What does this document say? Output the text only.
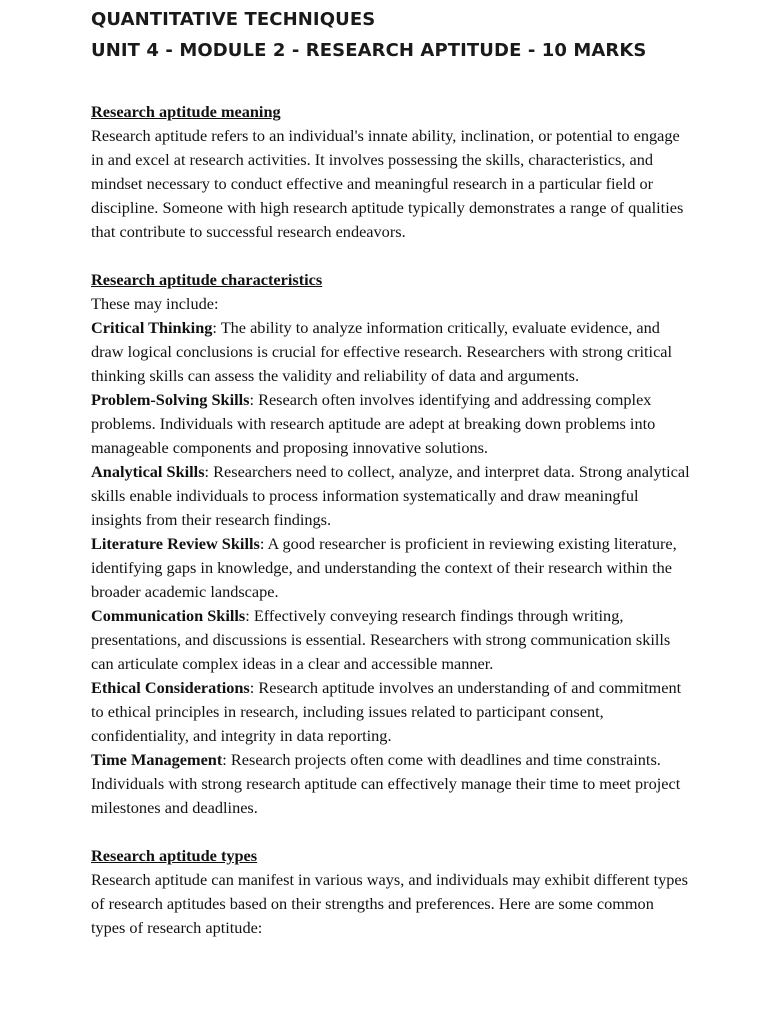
QUANTITATIVE TECHNIQUES
UNIT 4 - MODULE 2 - RESEARCH APTITUDE - 10 MARKS

Research aptitude meaning

Research aptitude refers to an individual's innate ability, inclination, or potential to engage in and excel at research activities. It involves possessing the skills, characteristics, and mindset necessary to conduct effective and meaningful research in a particular field or discipline. Someone with high research aptitude typically demonstrates a range of qualities that contribute to successful research endeavors.

Research aptitude characteristics

These may include:

Critical Thinking: The ability to analyze information critically, evaluate evidence, and draw logical conclusions is crucial for effective research. Researchers with strong critical thinking skills can assess the validity and reliability of data and arguments.

Problem-Solving Skills: Research often involves identifying and addressing complex problems. Individuals with research aptitude are adept at breaking down problems into manageable components and proposing innovative solutions.

Analytical Skills: Researchers need to collect, analyze, and interpret data. Strong analytical skills enable individuals to process information systematically and draw meaningful insights from their research findings.

Literature Review Skills: A good researcher is proficient in reviewing existing literature, identifying gaps in knowledge, and understanding the context of their research within the broader academic landscape.

Communication Skills: Effectively conveying research findings through writing, presentations, and discussions is essential. Researchers with strong communication skills can articulate complex ideas in a clear and accessible manner.

Ethical Considerations: Research aptitude involves an understanding of and commitment to ethical principles in research, including issues related to participant consent, confidentiality, and integrity in data reporting.

Time Management: Research projects often come with deadlines and time constraints. Individuals with strong research aptitude can effectively manage their time to meet project milestones and deadlines.

Research aptitude types

Research aptitude can manifest in various ways, and individuals may exhibit different types of research aptitudes based on their strengths and preferences. Here are some common types of research aptitude:
